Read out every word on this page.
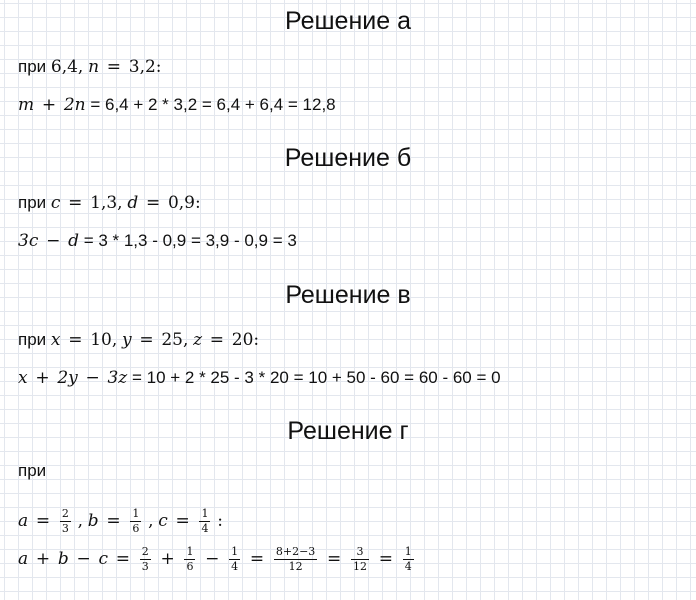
Решение а
при 6,4, n = 3,2:
m + 2n = 6,4 + 2 * 3,2 = 6,4 + 6,4 = 12,8
Решение б
при c = 1,3, d = 0,9:
3c − d = 3 * 1,3 - 0,9 = 3,9 - 0,9 = 3
Решение в
при x = 10, y = 25, z = 20:
x + 2y − 3z = 10 + 2 * 25 - 3 * 20 = 10 + 50 - 60 = 60 - 60 = 0
Решение г
при
$a = \frac{2}{3}$ , $b = \frac{1}{6}$ , $c = \frac{1}{4}$ :
$a + b - c = \frac{2}{3} + \frac{1}{6} - \frac{1}{4} = \frac{8+2-3}{12} = \frac{3}{12} = \frac{1}{4}$
